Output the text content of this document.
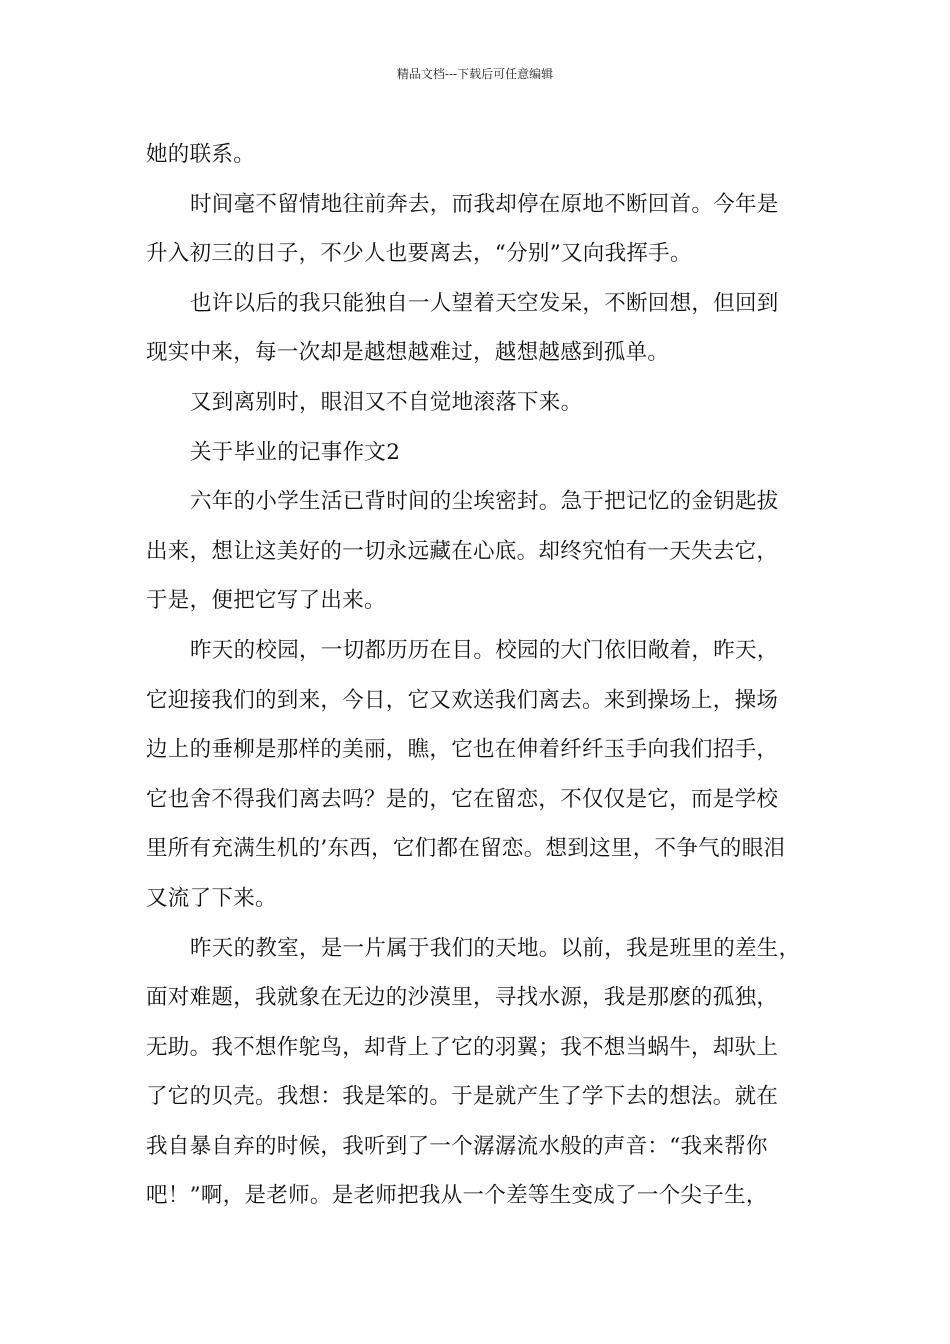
精品文档---下载后可任意编辑
她的联系。
时间毫不留情地往前奔去，而我却停在原地不断回首。今年是
升入初三的日子，不少人也要离去，“分别”又向我挥手。
也许以后的我只能独自一人望着天空发呆，不断回想，但回到
现实中来，每一次却是越想越难过，越想越感到孤单。
又到离别时，眼泪又不自觉地滚落下来。
关于毕业的记事作文2
六年的小学生活已背时间的尘埃密封。急于把记忆的金钥匙拔
出来，想让这美好的一切永远藏在心底。却终究怕有一天失去它，
于是，便把它写了出来。
昨天的校园，一切都历历在目。校园的大门依旧敞着，昨天，
它迎接我们的到来，今日，它又欢送我们离去。来到操场上，操场
边上的垂柳是那样的美丽，瞧，它也在伸着纤纤玉手向我们招手，
它也舍不得我们离去吗？是的，它在留恋，不仅仅是它，而是学校
里所有充满生机的’东西，它们都在留恋。想到这里，不争气的眼泪
又流了下来。
昨天的教室，是一片属于我们的天地。以前，我是班里的差生，
面对难题，我就象在无边的沙漠里，寻找水源，我是那麽的孤独，
无助。我不想作鸵鸟，却背上了它的羽翼；我不想当蜗牛，却驮上
了它的贝壳。我想：我是笨的。于是就产生了学下去的想法。就在
我自暴自弃的时候，我听到了一个潺潺流水般的声音：“我来帮你
吧！”啊，是老师。是老师把我从一个差等生变成了一个尖子生，
